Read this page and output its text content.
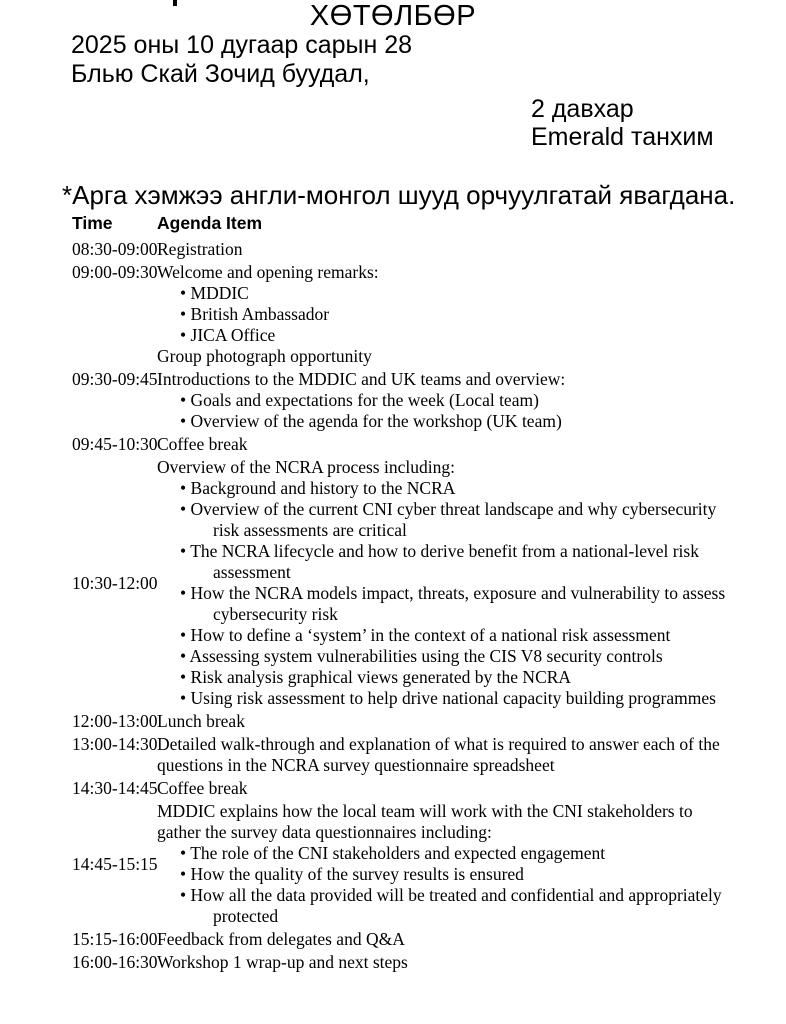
ХӨТӨЛБӨР
2025 оны 10 дугаар сарын 28
Блью Скай Зочид буудал,
2 давхар
Emerald танхим
*Арга хэмжээ англи-монгол шууд орчуулгатай явагдана.
Time	Agenda Item
08:30-09:00 Registration
09:00-09:30 Welcome and opening remarks:
• MDDIC
• British Ambassador
• JICA Office
Group photograph opportunity
09:30-09:45 Introductions to the MDDIC and UK teams and overview:
• Goals and expectations for the week (Local team)
• Overview of the agenda for the workshop (UK team)
09:45-10:30 Coffee break
10:30-12:00
Overview of the NCRA process including:
• Background and history to the NCRA
• Overview of the current CNI cyber threat landscape and why cybersecurity risk assessments are critical
• The NCRA lifecycle and how to derive benefit from a national-level risk assessment
• How the NCRA models impact, threats, exposure and vulnerability to assess cybersecurity risk
• How to define a ‘system’ in the context of a national risk assessment
• Assessing system vulnerabilities using the CIS V8 security controls
• Risk analysis graphical views generated by the NCRA
• Using risk assessment to help drive national capacity building programmes
12:00-13:00 Lunch break
13:00-14:30 Detailed walk-through and explanation of what is required to answer each of the questions in the NCRA survey questionnaire spreadsheet
14:30-14:45 Coffee break
14:45-15:15
MDDIC explains how the local team will work with the CNI stakeholders to gather the survey data questionnaires including:
• The role of the CNI stakeholders and expected engagement
• How the quality of the survey results is ensured
• How all the data provided will be treated and confidential and appropriately protected
15:15-16:00 Feedback from delegates and Q&A
16:00-16:30 Workshop 1 wrap-up and next steps
